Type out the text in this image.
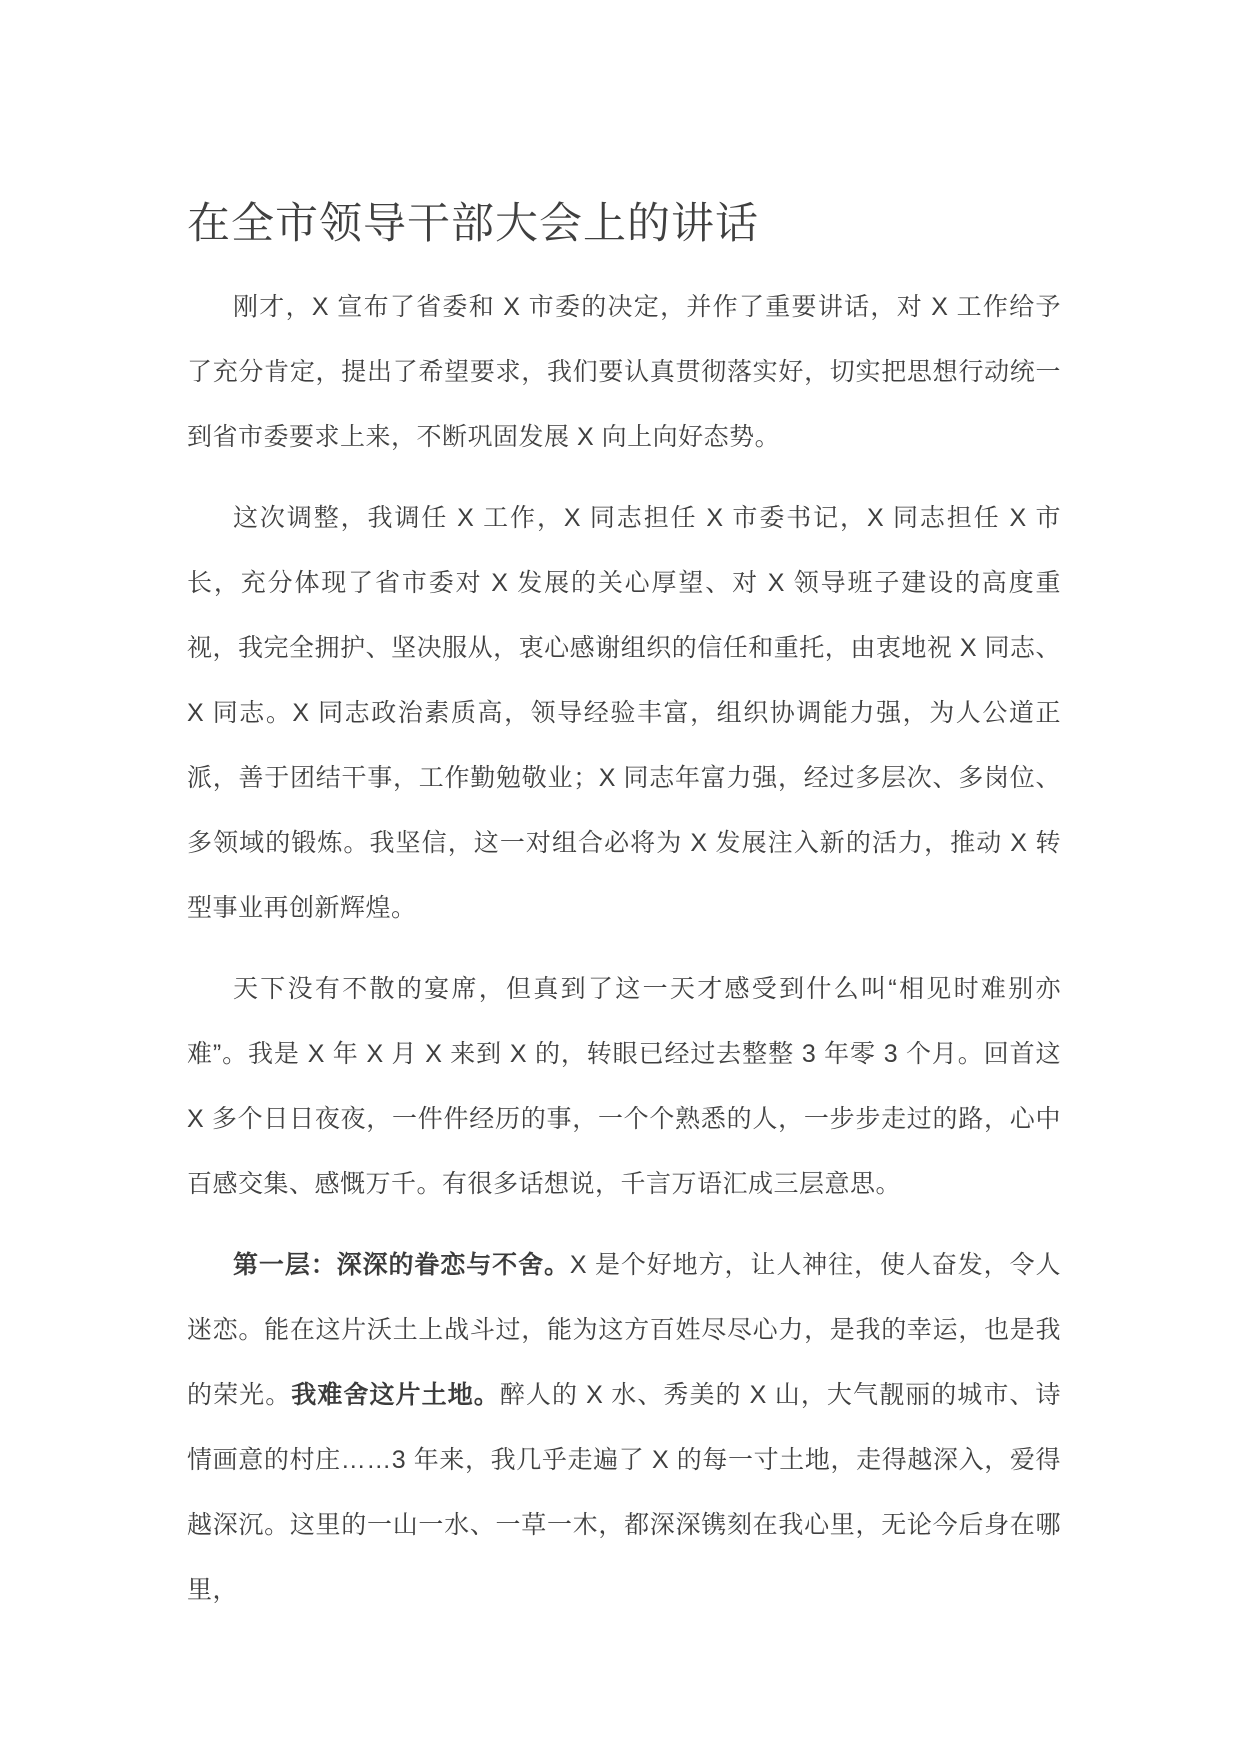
在全市领导干部大会上的讲话

刚才，X 宣布了省委和 X 市委的决定，并作了重要讲话，对 X 工作给予了充分肯定，提出了希望要求，我们要认真贯彻落实好，切实把思想行动统一到省市委要求上来，不断巩固发展 X 向上向好态势。

这次调整，我调任 X 工作，X 同志担任 X 市委书记，X 同志担任 X 市长，充分体现了省市委对 X 发展的关心厚望、对 X 领导班子建设的高度重视，我完全拥护、坚决服从，衷心感谢组织的信任和重托，由衷地祝 X 同志、X 同志。X 同志政治素质高，领导经验丰富，组织协调能力强，为人公道正派，善于团结干事，工作勤勉敬业；X 同志年富力强，经过多层次、多岗位、多领域的锻炼。我坚信，这一对组合必将为 X 发展注入新的活力，推动 X 转型事业再创新辉煌。

天下没有不散的宴席，但真到了这一天才感受到什么叫“相见时难别亦难”。我是 X 年 X 月 X 来到 X 的，转眼已经过去整整 3 年零 3 个月。回首这 X 多个日日夜夜，一件件经历的事，一个个熟悉的人，一步步走过的路，心中百感交集、感慨万千。有很多话想说，千言万语汇成三层意思。

第一层：深深的眷恋与不舍。X 是个好地方，让人神往，使人奋发，令人迷恋。能在这片沃土上战斗过，能为这方百姓尽尽心力，是我的幸运，也是我的荣光。我难舍这片土地。醉人的 X 水、秀美的 X 山，大气靓丽的城市、诗情画意的村庄……3 年来，我几乎走遍了 X 的每一寸土地，走得越深入，爱得越深沉。这里的一山一水、一草一木，都深深镌刻在我心里，无论今后身在哪里，
